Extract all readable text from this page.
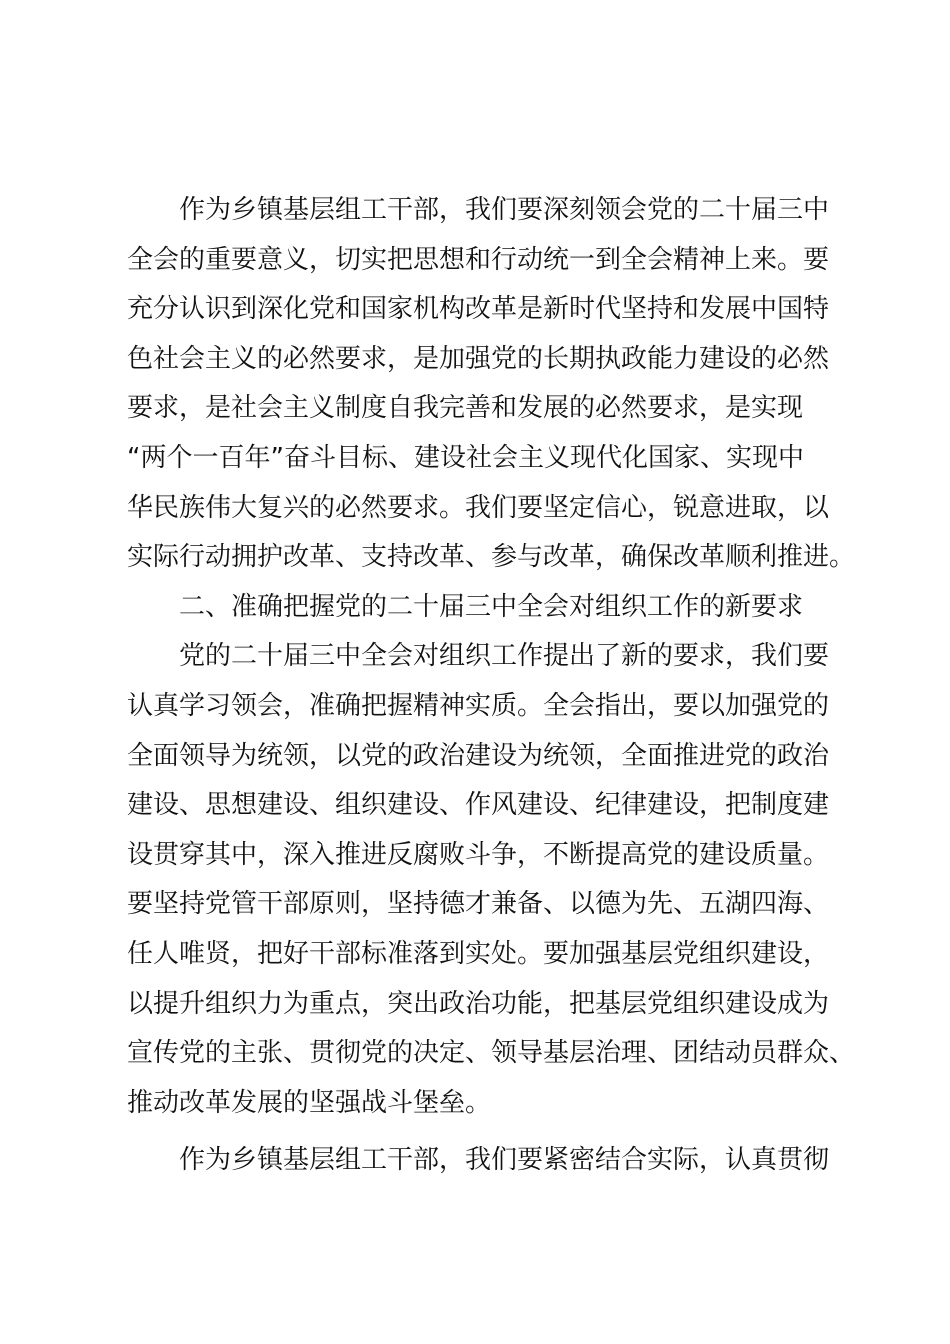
作为乡镇基层组工干部，我们要深刻领会党的二十届三中
全会的重要意义，切实把思想和行动统一到全会精神上来。要
充分认识到深化党和国家机构改革是新时代坚持和发展中国特
色社会主义的必然要求，是加强党的长期执政能力建设的必然
要求，是社会主义制度自我完善和发展的必然要求，是实现
“两个一百年”奋斗目标、建设社会主义现代化国家、实现中
华民族伟大复兴的必然要求。我们要坚定信心，锐意进取，以
实际行动拥护改革、支持改革、参与改革，确保改革顺利推进。
二、准确把握党的二十届三中全会对组织工作的新要求
党的二十届三中全会对组织工作提出了新的要求，我们要
认真学习领会，准确把握精神实质。全会指出，要以加强党的
全面领导为统领，以党的政治建设为统领，全面推进党的政治
建设、思想建设、组织建设、作风建设、纪律建设，把制度建
设贯穿其中，深入推进反腐败斗争，不断提高党的建设质量。
要坚持党管干部原则，坚持德才兼备、以德为先、五湖四海、
任人唯贤，把好干部标准落到实处。要加强基层党组织建设，
以提升组织力为重点，突出政治功能，把基层党组织建设成为
宣传党的主张、贯彻党的决定、领导基层治理、团结动员群众、
推动改革发展的坚强战斗堡垒。
作为乡镇基层组工干部，我们要紧密结合实际，认真贯彻
